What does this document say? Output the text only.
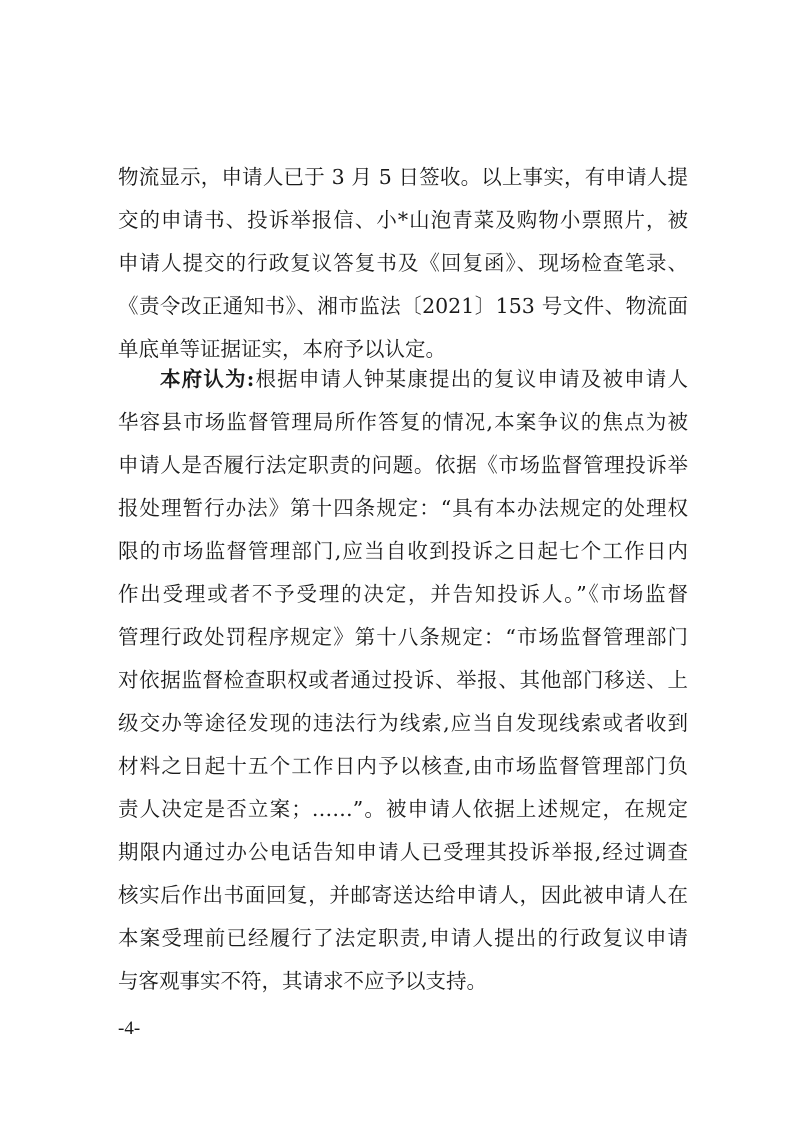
物流显示，申请人已于 3 月 5 日签收。以上事实，有申请人提
交的申请书、投诉举报信、小*山泡青菜及购物小票照片，被
申请人提交的行政复议答复书及《回复函》、现场检查笔录、
《责令改正通知书》、湘市监法〔2021〕153 号文件、物流面
单底单等证据证实，本府予以认定。
本府认为:根据申请人钟某康提出的复议申请及被申请人
华容县市场监督管理局所作答复的情况,本案争议的焦点为被
申请人是否履行法定职责的问题。依据《市场监督管理投诉举
报处理暂行办法》第十四条规定：“具有本办法规定的处理权
限的市场监督管理部门,应当自收到投诉之日起七个工作日内
作出受理或者不予受理的决定，并告知投诉人。”《市场监督
管理行政处罚程序规定》第十八条规定：“市场监督管理部门
对依据监督检查职权或者通过投诉、举报、其他部门移送、上
级交办等途径发现的违法行为线索,应当自发现线索或者收到
材料之日起十五个工作日内予以核查,由市场监督管理部门负
责人决定是否立案；……”。被申请人依据上述规定，在规定
期限内通过办公电话告知申请人已受理其投诉举报,经过调查
核实后作出书面回复，并邮寄送达给申请人，因此被申请人在
本案受理前已经履行了法定职责,申请人提出的行政复议申请
与客观事实不符，其请求不应予以支持。
-4-
